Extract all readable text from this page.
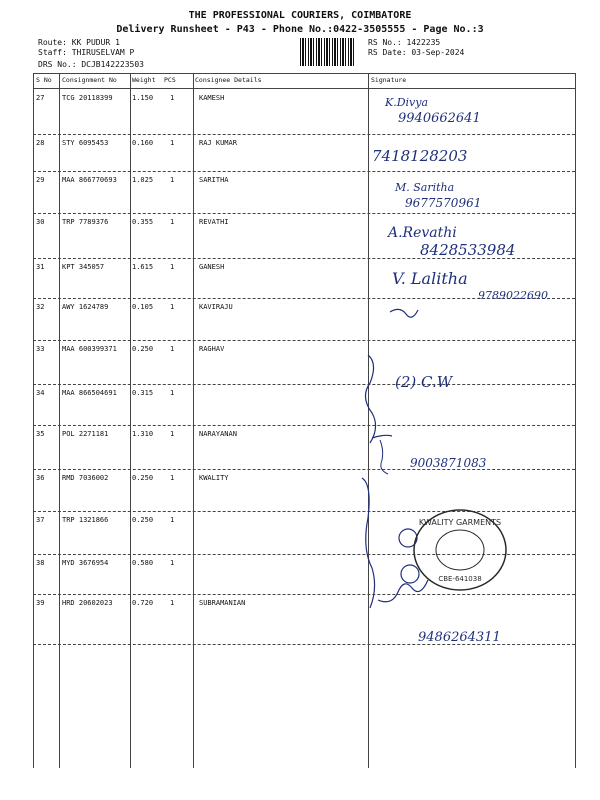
THE PROFESSIONAL COURIERS, COIMBATORE
Delivery Runsheet - P43 - Phone No.:0422-3505555 - Page No.:3
Route: KK PUDUR 1
Staff: THIRUSELVAM P
DRS No.: DCJB142223503
RS No.: 1422235
RS Date: 03-Sep-2024
S No Consignment No Weight PCS	Consignee Details	Signature
27	TCG 20118399	1.150 1	KAMESH
28	STY 6095453	0.160 1	RAJ KUMAR
29	MAA 866770693 1.025 1	SARITHA
30	TRP 7789376	0.355 1	REVATHI
31	KPT 345057	1.615 1	GANESH
32	AWY 1624789	0.105 1	KAVIRAJU
33	MAA 600399371 0.250 1	RAGHAV
34	MAA 866504691 0.315 1
35	POL 2271181	1.310 1	NARAYANAN
36	RMD 7036002	0.250 1	KWALITY
37	TRP 1321866	0.250 1
38	MYD 3676954	0.580 1
39	HRD 20602023	0.720 1	SUBRAMANIAN
K.Divya
9940662641
7418128203
M. Saritha
9677570961
A.Revathi
8428533984
V. Lalitha
9789022690
(2) C.W
9003871083
9486264311
KWALITY GARMENTS
CBE-641038
